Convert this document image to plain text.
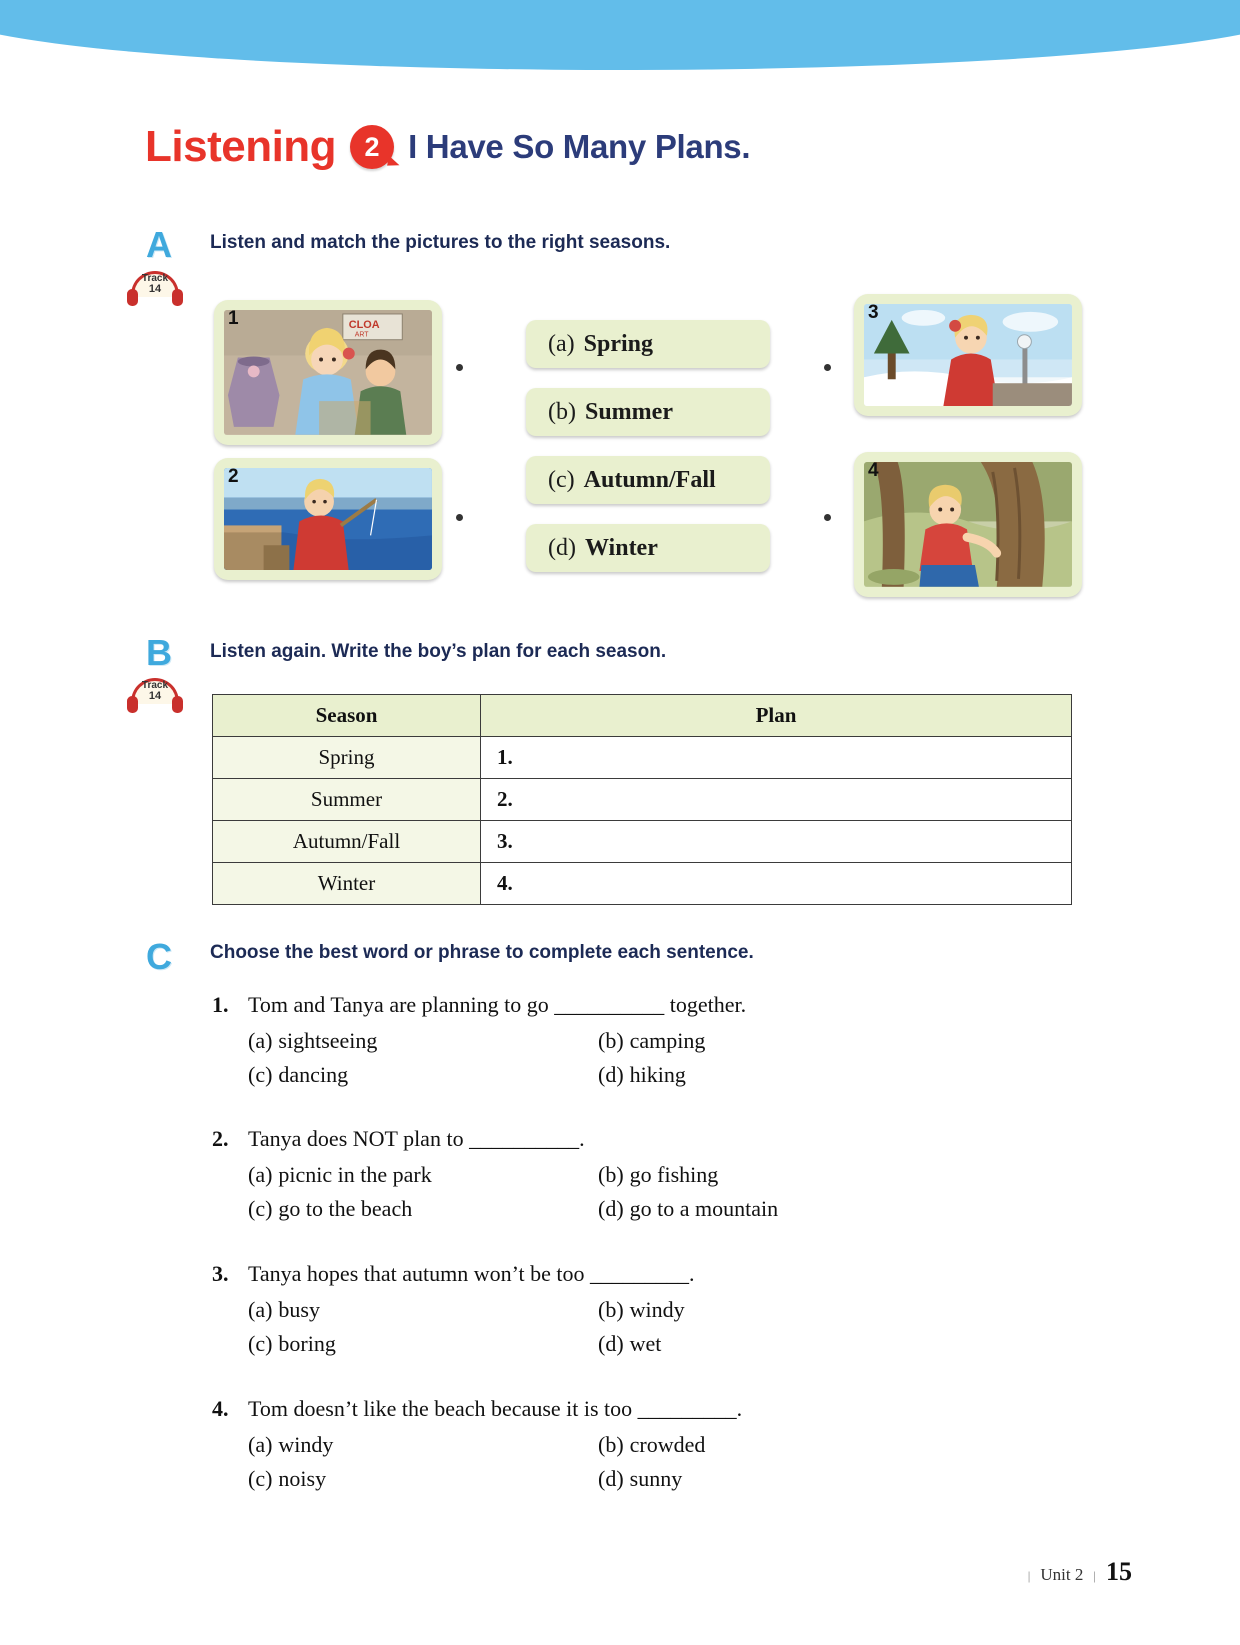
Listening	2 I Have So Many Plans.
A Listen and match the pictures to the right seasons.
Track
14
CLOA
ART
1
2
(a) Spring
(b) Summer
(c) Autumn/Fall
(d) Winter
3
4
B Listen again. Write the boy’s plan for each season.
Track
14
Season	Plan
Spring	1.
Summer	2.
Autumn/Fall	3.
Winter	4.
C Choose the best word or phrase to complete each sentence.
1. Tom and Tanya are planning to go __________ together.
(a) sightseeing	(b) camping
(c) dancing	(d) hiking
2. Tanya does NOT plan to __________.
(a) picnic in the park	(b) go fishing
(c) go to the beach	(d) go to a mountain
3. Tanya hopes that autumn won’t be too _________.
(a) busy	(b) windy
(c) boring	(d) wet
4. Tom doesn’t like the beach because it is too _________.
(a) windy	(b) crowded
(c) noisy	(d) sunny
| Unit 2 | 15
